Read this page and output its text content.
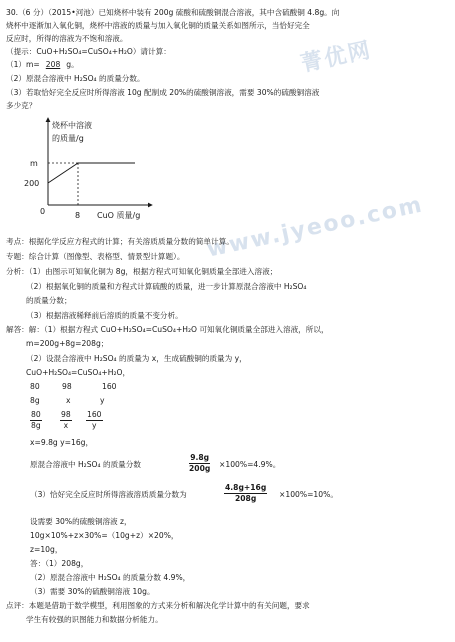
菁优网
www.jyeoo.com
30.（6 分）（2015•河池）已知烧杯中装有 200g 硫酸和硫酸铜混合溶液，其中含硫酸铜 4.8g。向
烧杯中逐渐加入氧化铜，烧杯中溶液的质量与加入氧化铜的质量关系如图所示，当恰好完全
反应时，所得的溶液为不饱和溶液。
（提示：CuO+H₂SO₄=CuSO₄+H₂O）请计算：
（1）m= 208 g。
（2）原混合溶液中 H₂SO₄ 的质量分数。
（3）若取恰好完全反应时所得溶液 10g 配制成 20%的硫酸铜溶液，需要 30%的硫酸铜溶液
多少克？
烧杯中溶液
的质量/g
m
200
0	8 CuO 质量/g
考点：根据化学反应方程式的计算；有关溶质质量分数的简单计算。
专题：综合计算（图像型、表格型、情景型计算题）。
分析：（1）由图示可知氧化铜为 8g，根据方程式可知氧化铜质量全部进入溶液；
（2）根据氧化铜的质量和方程式计算硫酸的质量，进一步计算原混合溶液中 H₂SO₄
的质量分数；
（3）根据溶液稀释前后溶质的质量不变分析。
解答：解：（1）根据方程式 CuO+H₂SO₄=CuSO₄+H₂O 可知氧化铜质量全部进入溶液，所以，
m=200g+8g=208g；
（2）设混合溶液中 H₂SO₄ 的质量为 x，生成硫酸铜的质量为 y，
CuO+H₂SO₄=CuSO₄+H₂O，
80	98	160
8g	x	y
$\frac{80}{8g} \frac{98}{x} \frac{160}{y}$
x=9.8g y=16g，
原混合溶液中 H₂SO₄ 的质量分数	$\frac{9.8g}{200g} \times 100\%=4.9\%$。
（3）恰好完全反应时所得溶液溶质质量分数为	$\frac{4.8g+16g}{208g} \times 100\%=10\%$。
设需要 30%的硫酸铜溶液 z，
10g×10%+z×30%=（10g+z）×20%，
z=10g，
答：（1）208g，
（2）原混合溶液中 H₂SO₄ 的质量分数 4.9%，
（3）需要 30%的硫酸铜溶液 10g。
点评：本题是借助于数学模型，利用图象的方式来分析和解决化学计算中的有关问题，要求
学生有较强的识图能力和数据分析能力。
